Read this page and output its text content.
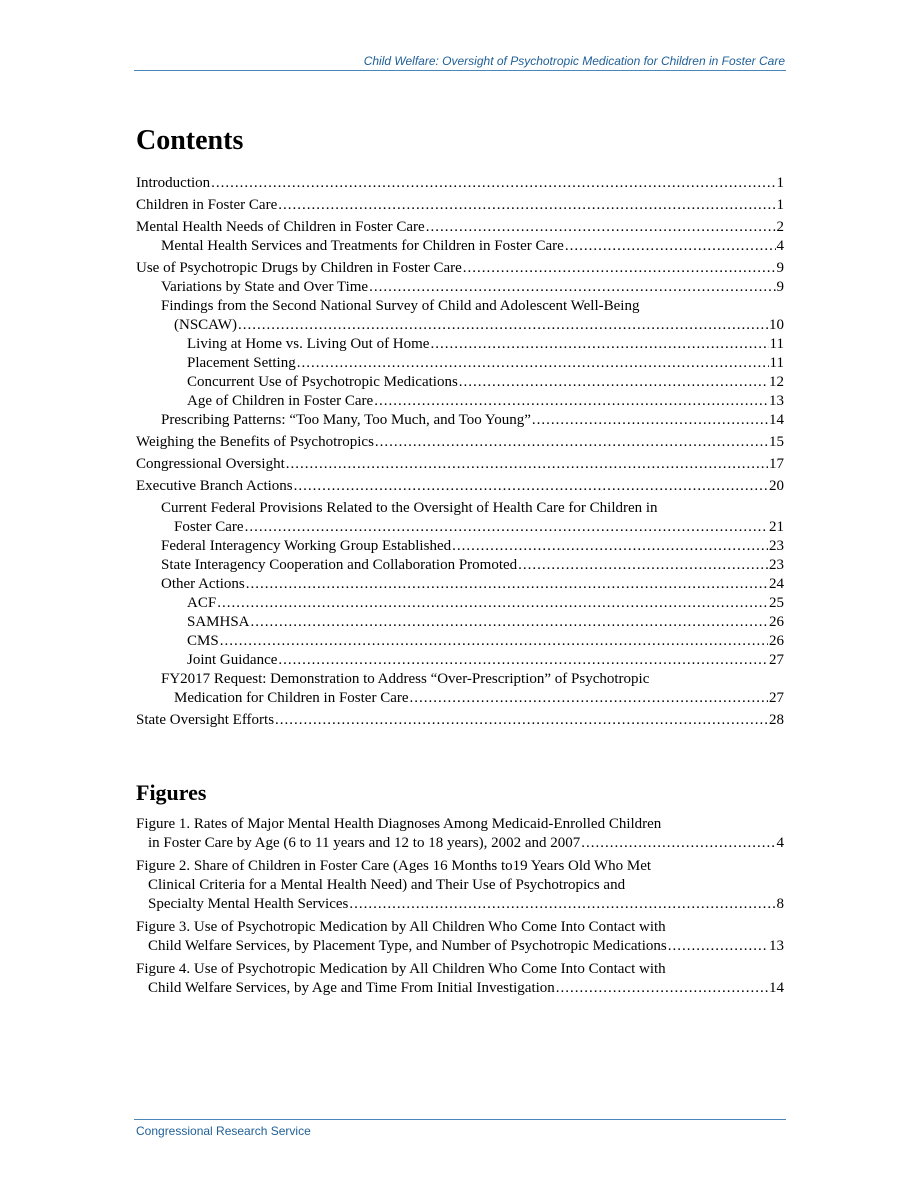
Child Welfare: Oversight of Psychotropic Medication for Children in Foster Care
Contents
Introduction .....	1
Children in Foster Care .....	1
Mental Health Needs of Children in Foster Care .....	2
Mental Health Services and Treatments for Children in Foster Care .....	4
Use of Psychotropic Drugs by Children in Foster Care .....	9
Variations by State and Over Time .....	9
Findings from the Second National Survey of Child and Adolescent Well-Being
(NSCAW) .....	10
Living at Home vs. Living Out of Home .....	11
Placement Setting .....	11
Concurrent Use of Psychotropic Medications .....	12
Age of Children in Foster Care .....	13
Prescribing Patterns: “Too Many, Too Much, and Too Young” .....	14
Weighing the Benefits of Psychotropics .....	15
Congressional Oversight .....	17
Executive Branch Actions .....	20
Current Federal Provisions Related to the Oversight of Health Care for Children in
Foster Care .....	21
Federal Interagency Working Group Established .....	23
State Interagency Cooperation and Collaboration Promoted .....	23
Other Actions .....	24
ACF .....	25
SAMHSA .....	26
CMS .....	26
Joint Guidance .....	27
FY2017 Request: Demonstration to Address “Over-Prescription” of Psychotropic
Medication for Children in Foster Care .....	27
State Oversight Efforts .....	28
Figures
Figure 1. Rates of Major Mental Health Diagnoses Among Medicaid-Enrolled Children
in Foster Care by Age (6 to 11 years and 12 to 18 years), 2002 and 2007 .....	4
Figure 2. Share of Children in Foster Care (Ages 16 Months to19 Years Old Who Met
Clinical Criteria for a Mental Health Need) and Their Use of Psychotropics and
Specialty Mental Health Services .....	8
Figure 3. Use of Psychotropic Medication by All Children Who Come Into Contact with
Child Welfare Services, by Placement Type, and Number of Psychotropic Medications .....	13
Figure 4. Use of Psychotropic Medication by All Children Who Come Into Contact with
Child Welfare Services, by Age and Time From Initial Investigation .....	14
Congressional Research Service
